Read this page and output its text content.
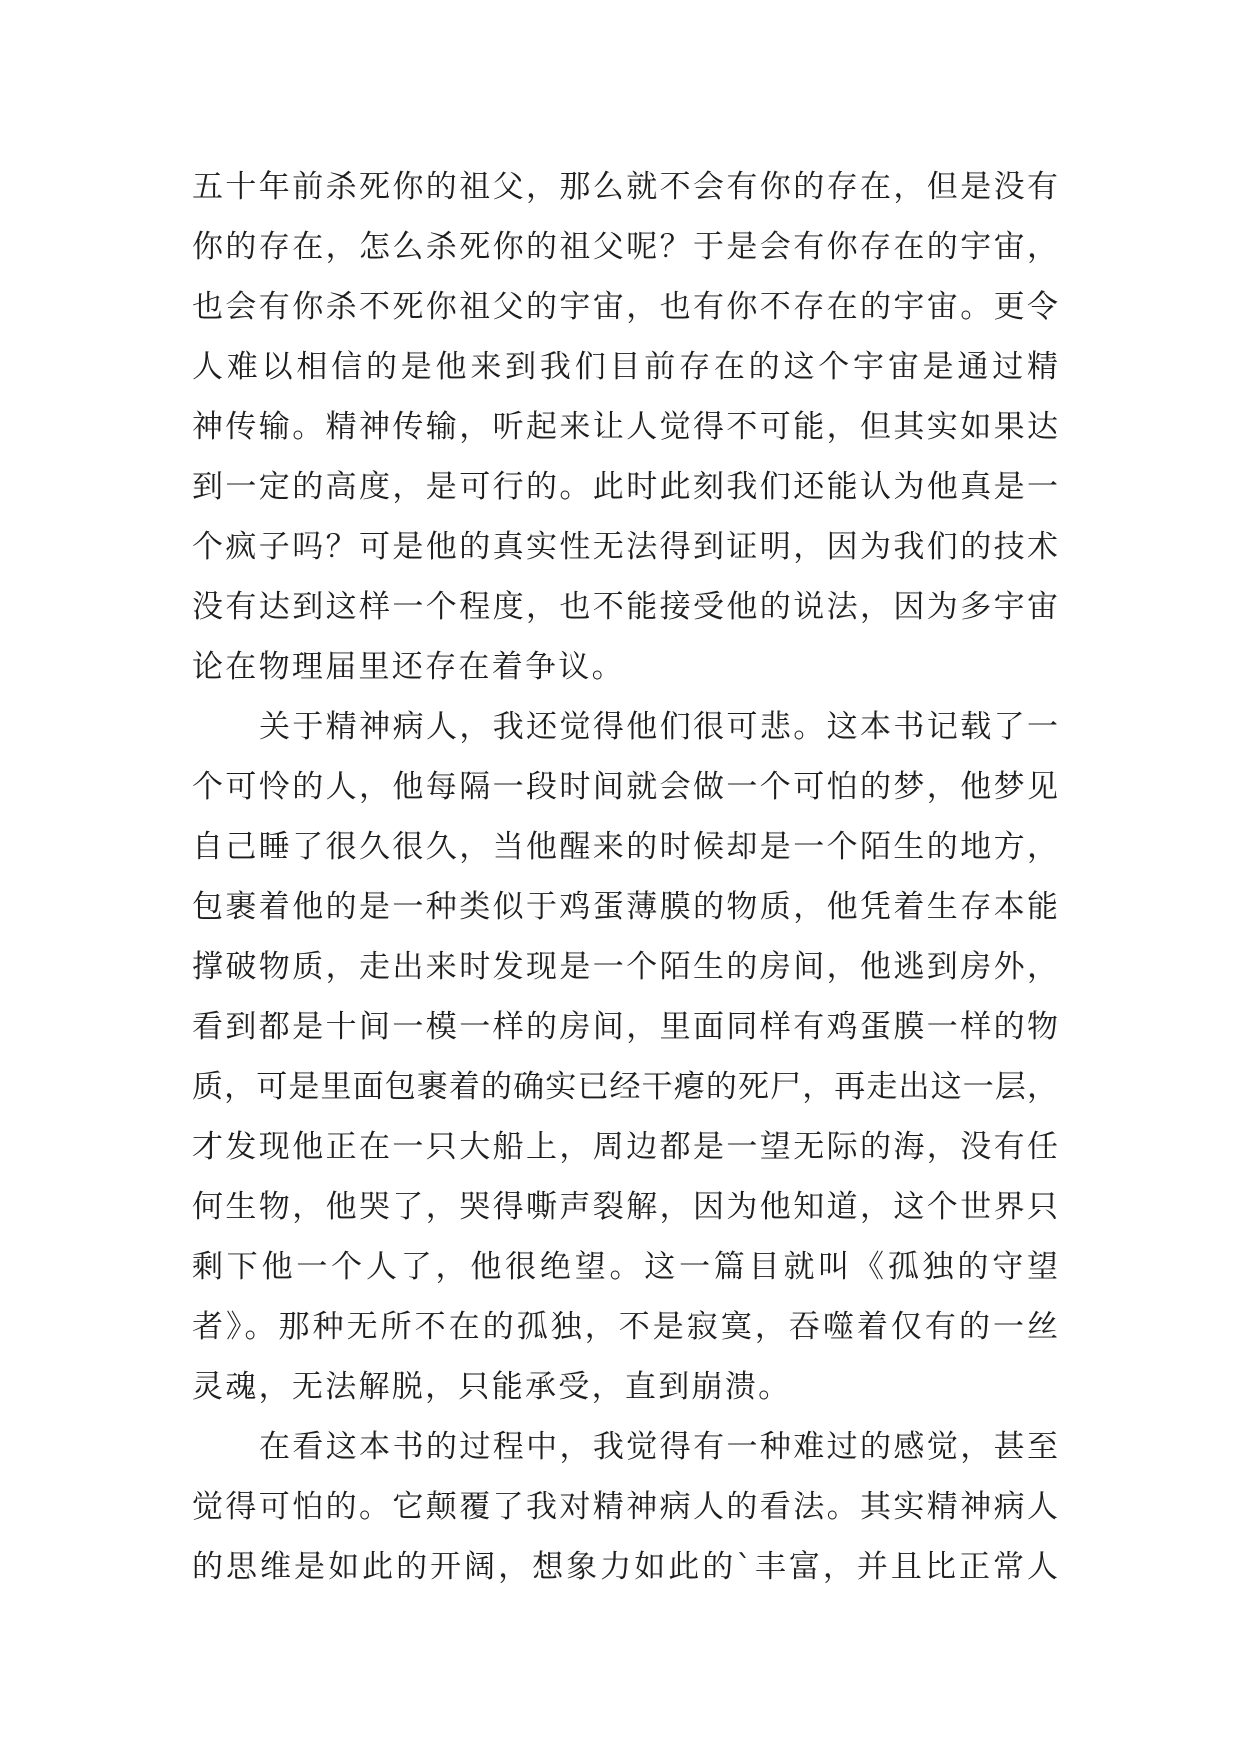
五十年前杀死你的祖父，那么就不会有你的存在，但是没有
你的存在，怎么杀死你的祖父呢？于是会有你存在的宇宙，
也会有你杀不死你祖父的宇宙，也有你不存在的宇宙。更令
人难以相信的是他来到我们目前存在的这个宇宙是通过精
神传输。精神传输，听起来让人觉得不可能，但其实如果达
到一定的高度，是可行的。此时此刻我们还能认为他真是一
个疯子吗？可是他的真实性无法得到证明，因为我们的技术
没有达到这样一个程度，也不能接受他的说法，因为多宇宙
论在物理届里还存在着争议。
关于精神病人，我还觉得他们很可悲。这本书记载了一
个可怜的人，他每隔一段时间就会做一个可怕的梦，他梦见
自己睡了很久很久，当他醒来的时候却是一个陌生的地方，
包裹着他的是一种类似于鸡蛋薄膜的物质，他凭着生存本能
撑破物质，走出来时发现是一个陌生的房间，他逃到房外，
看到都是十间一模一样的房间，里面同样有鸡蛋膜一样的物
质，可是里面包裹着的确实已经干瘪的死尸，再走出这一层，
才发现他正在一只大船上，周边都是一望无际的海，没有任
何生物，他哭了，哭得嘶声裂解，因为他知道，这个世界只
剩下他一个人了，他很绝望。这一篇目就叫《孤独的守望
者》。那种无所不在的孤独，不是寂寞，吞噬着仅有的一丝
灵魂，无法解脱，只能承受，直到崩溃。
在看这本书的过程中，我觉得有一种难过的感觉，甚至
觉得可怕的。它颠覆了我对精神病人的看法。其实精神病人
的思维是如此的开阔，想象力如此的`丰富，并且比正常人
